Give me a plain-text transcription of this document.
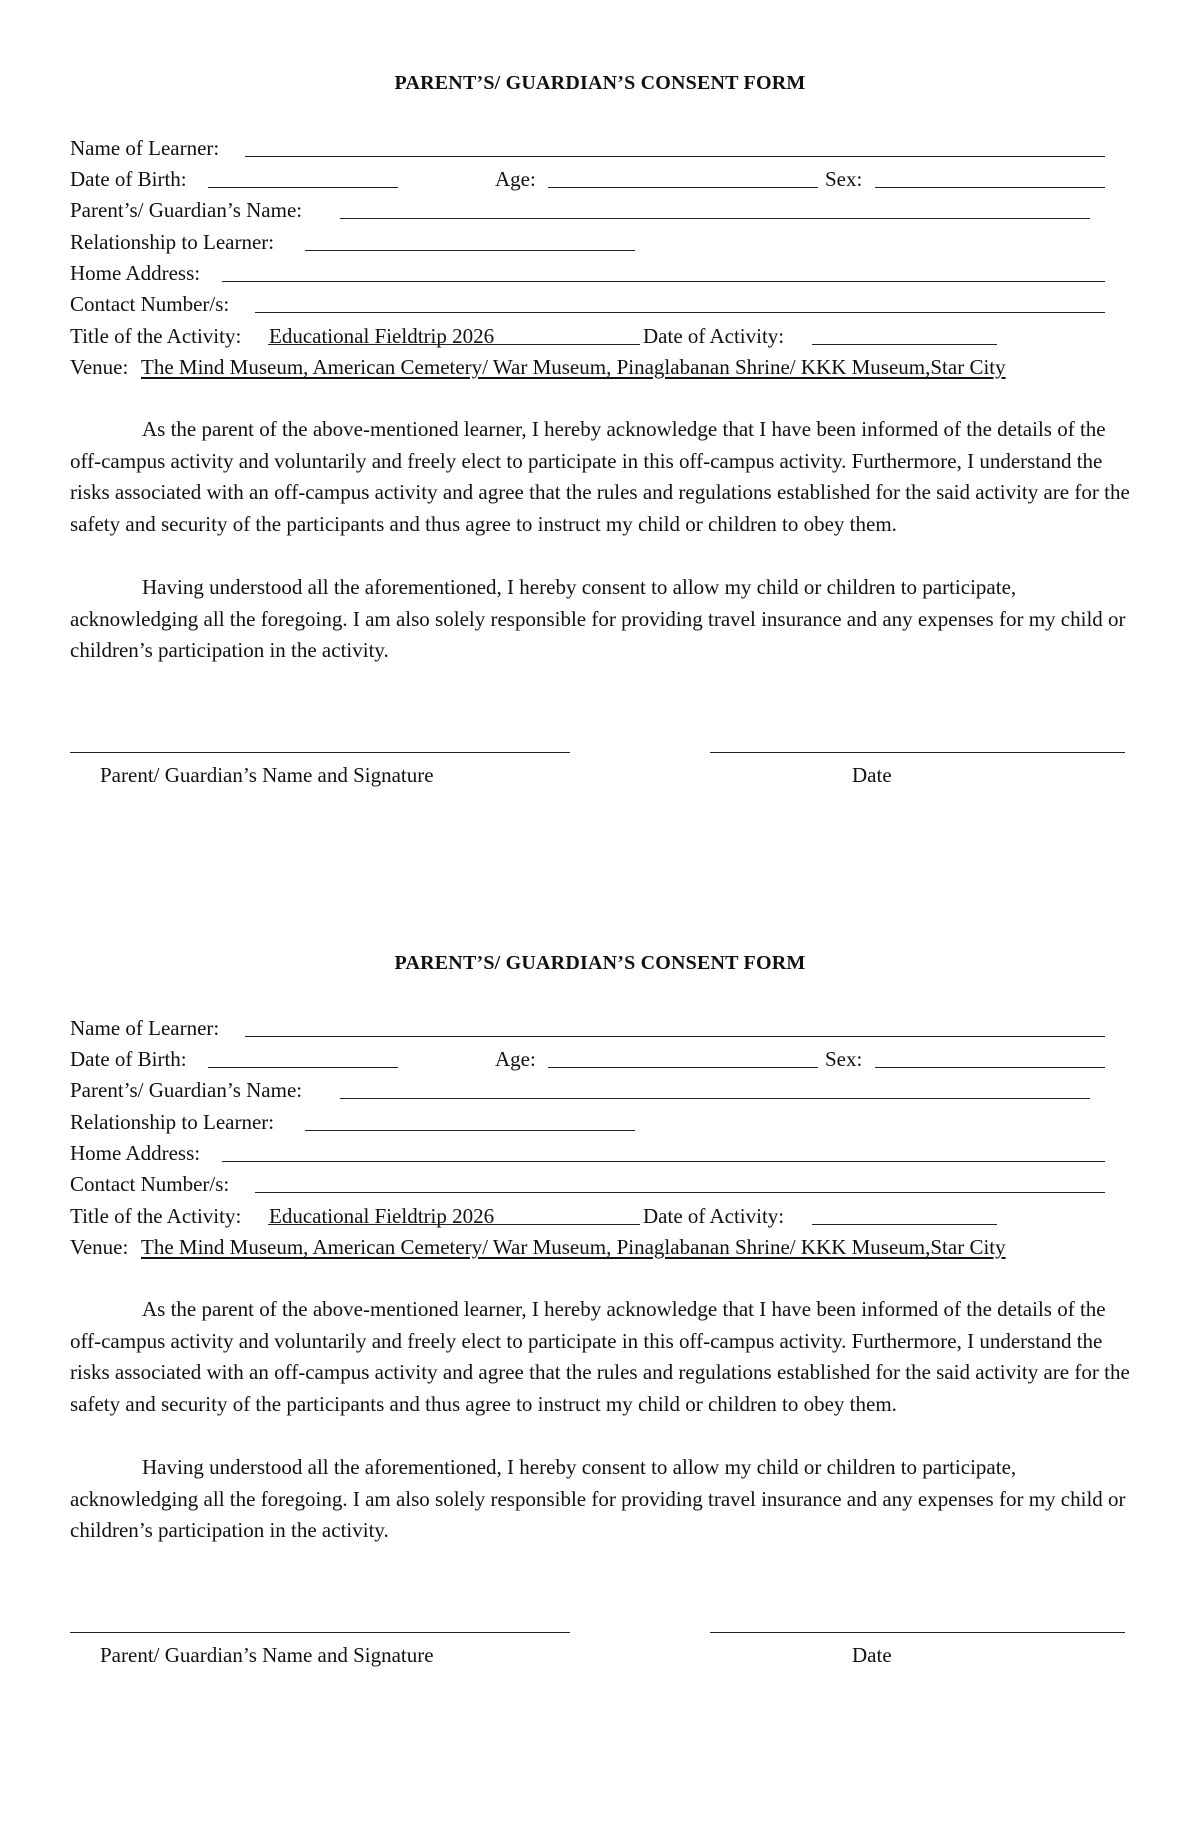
PARENT’S/ GUARDIAN’S CONSENT FORM
Name of Learner:
Date of Birth:	Age:	Sex:
Parent’s/ Guardian’s Name:
Relationship to Learner:
Home Address:
Contact Number/s:
Title of the Activity: Educational Fieldtrip 2026	Date of Activity:
Venue: The Mind Museum, American Cemetery/ War Museum, Pinaglabanan Shrine/ KKK Museum,Star City

As the parent of the above-mentioned learner, I hereby acknowledge that I have been informed of the details of the off-campus activity and voluntarily and freely elect to participate in this off-campus activity. Furthermore, I understand the risks associated with an off-campus activity and agree that the rules and regulations established for the said activity are for the safety and security of the participants and thus agree to instruct my child or children to obey them.

Having understood all the aforementioned, I hereby consent to allow my child or children to participate, acknowledging all the foregoing. I am also solely responsible for providing travel insurance and any expenses for my child or children’s participation in the activity.

Parent/ Guardian’s Name and Signature	Date
PARENT’S/ GUARDIAN’S CONSENT FORM
Name of Learner:
Date of Birth:	Age:	Sex:
Parent’s/ Guardian’s Name:
Relationship to Learner:
Home Address:
Contact Number/s:
Title of the Activity: Educational Fieldtrip 2026	Date of Activity:
Venue: The Mind Museum, American Cemetery/ War Museum, Pinaglabanan Shrine/ KKK Museum,Star City

As the parent of the above-mentioned learner, I hereby acknowledge that I have been informed of the details of the off-campus activity and voluntarily and freely elect to participate in this off-campus activity. Furthermore, I understand the risks associated with an off-campus activity and agree that the rules and regulations established for the said activity are for the safety and security of the participants and thus agree to instruct my child or children to obey them.

Having understood all the aforementioned, I hereby consent to allow my child or children to participate, acknowledging all the foregoing. I am also solely responsible for providing travel insurance and any expenses for my child or children’s participation in the activity.

Parent/ Guardian’s Name and Signature	Date
